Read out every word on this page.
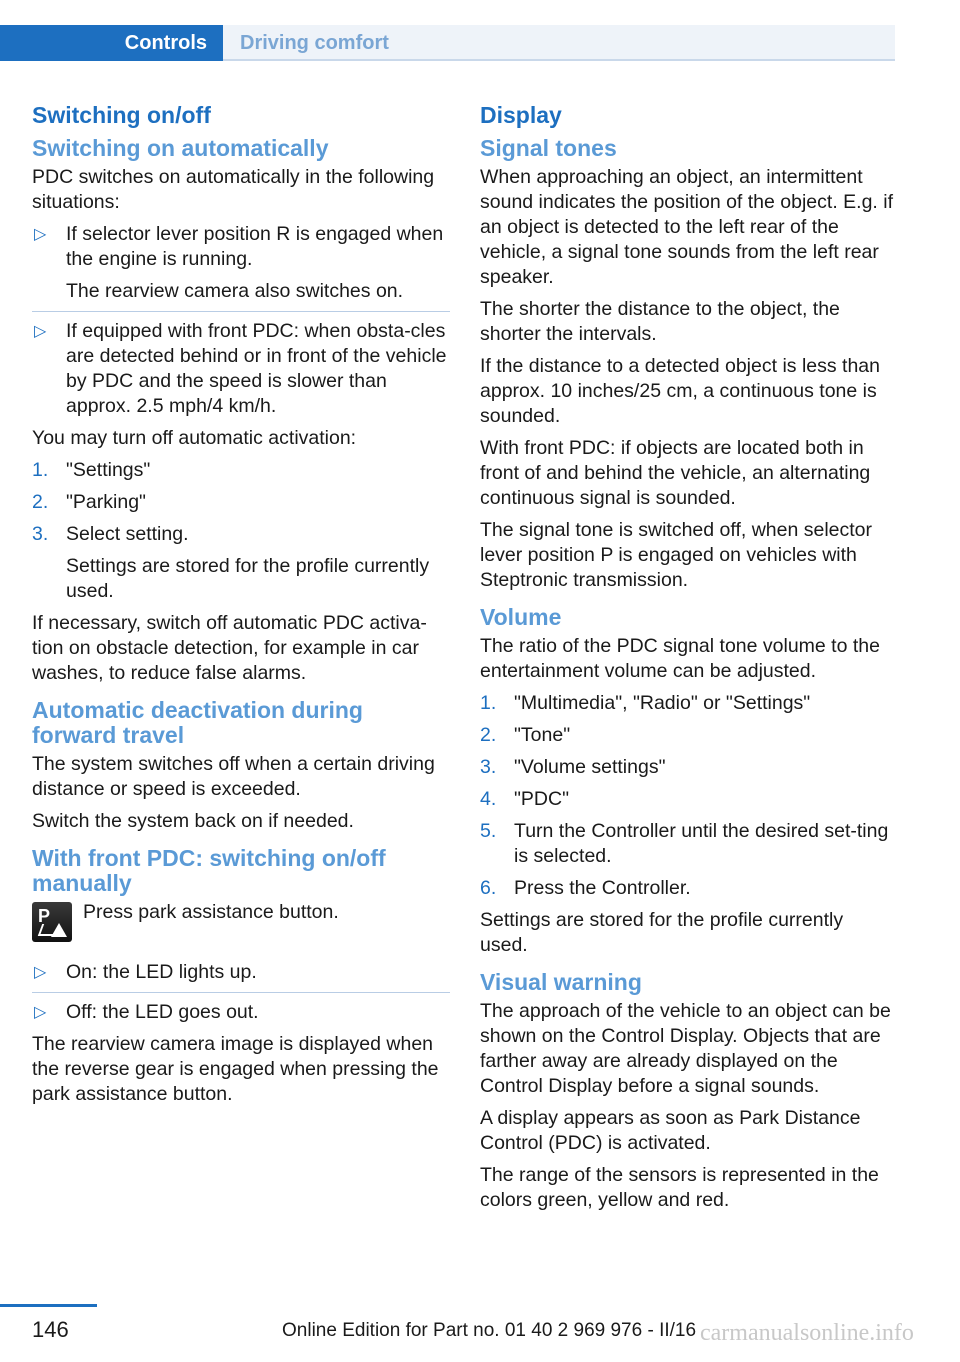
Controls	Driving comfort
Switching on/off
Switching on automatically

PDC switches on automatically in the following situations:

▷ If selector lever position R is engaged when the engine is running.
The rearview camera also switches on.
▷ If equipped with front PDC: when obsta-cles are detected behind or in front of the vehicle by PDC and the speed is slower than approx. 2.5 mph/4 km/h.

You may turn off automatic activation:

1. "Settings"
2. "Parking"
3. Select setting.
Settings are stored for the profile currently used.

If necessary, switch off automatic PDC activa-tion on obstacle detection, for example in car washes, to reduce false alarms.

Automatic deactivation during forward travel

The system switches off when a certain driving distance or speed is exceeded.

Switch the system back on if needed.

With front PDC: switching on/off manually
P Press park assistance button.
▷ On: the LED lights up.
▷ Off: the LED goes out.

The rearview camera image is displayed when the reverse gear is engaged when pressing the park assistance button.

Display
Signal tones

When approaching an object, an intermittent sound indicates the position of the object. E.g. if an object is detected to the left rear of the vehicle, a signal tone sounds from the left rear speaker.

The shorter the distance to the object, the shorter the intervals.

If the distance to a detected object is less than approx. 10 inches/25 cm, a continuous tone is sounded.

With front PDC: if objects are located both in front of and behind the vehicle, an alternating continuous signal is sounded.

The signal tone is switched off, when selector lever position P is engaged on vehicles with Steptronic transmission.

Volume

The ratio of the PDC signal tone volume to the entertainment volume can be adjusted.

1. "Multimedia", "Radio" or "Settings"
2. "Tone"
3. "Volume settings"
4. "PDC"
5. Turn the Controller until the desired set-ting is selected.
6. Press the Controller.

Settings are stored for the profile currently used.

Visual warning

The approach of the vehicle to an object can be shown on the Control Display. Objects that are farther away are already displayed on the Control Display before a signal sounds.

A display appears as soon as Park Distance Control (PDC) is activated.

The range of the sensors is represented in the colors green, yellow and red.

146	Online Edition for Part no. 01 40 2 969 976 - II/16 carmanualsonline.info
